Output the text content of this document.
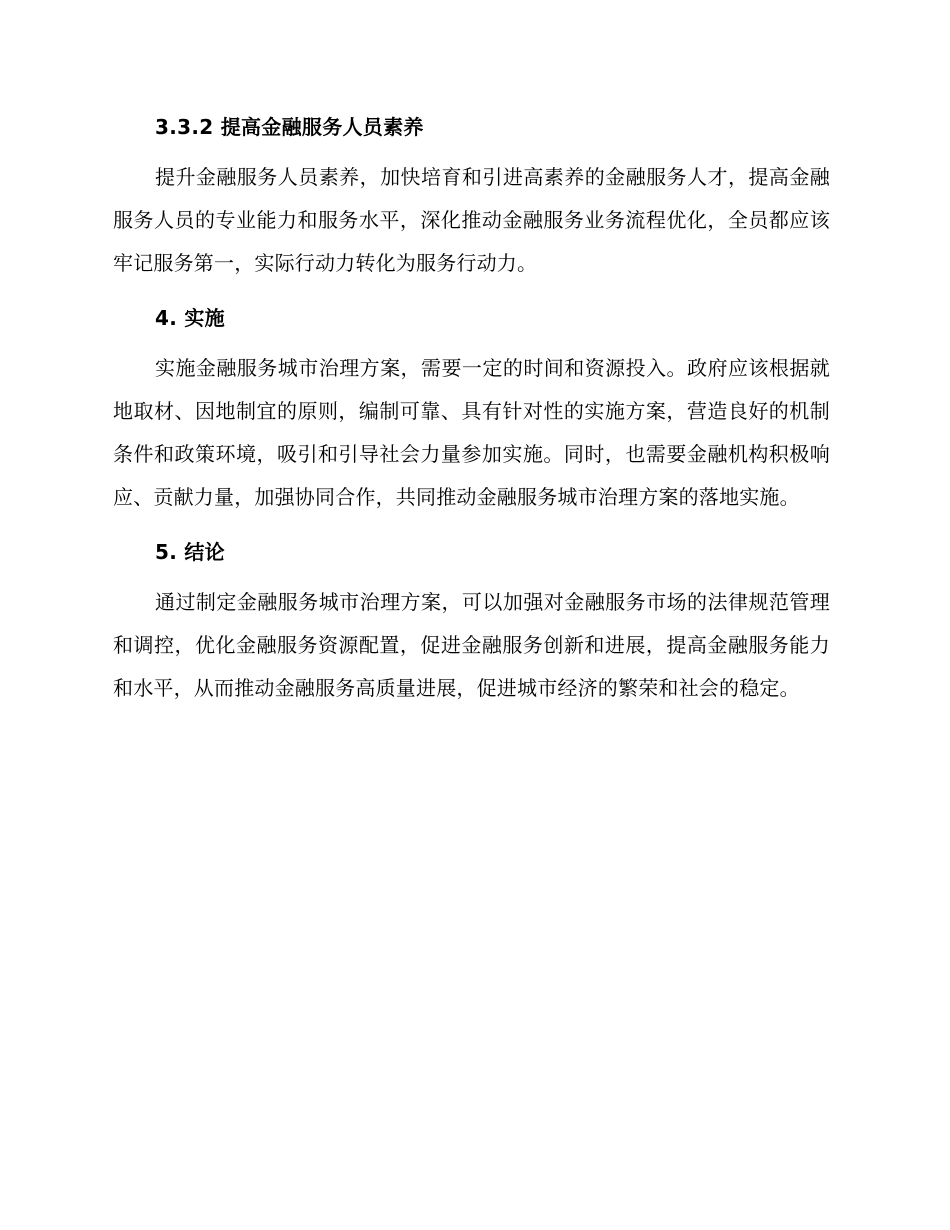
3.3.2 提高金融服务人员素养

提升金融服务人员素养，加快培育和引进高素养的金融服务人才，提高金融服务人员的专业能力和服务水平，深化推动金融服务业务流程优化，全员都应该牢记服务第一，实际行动力转化为服务行动力。

4. 实施

实施金融服务城市治理方案，需要一定的时间和资源投入。政府应该根据就地取材、因地制宜的原则，编制可靠、具有针对性的实施方案，营造良好的机制条件和政策环境，吸引和引导社会力量参加实施。同时，也需要金融机构积极响应、贡献力量，加强协同合作，共同推动金融服务城市治理方案的落地实施。

5. 结论

通过制定金融服务城市治理方案，可以加强对金融服务市场的法律规范管理和调控，优化金融服务资源配置，促进金融服务创新和进展，提高金融服务能力和水平，从而推动金融服务高质量进展，促进城市经济的繁荣和社会的稳定。
